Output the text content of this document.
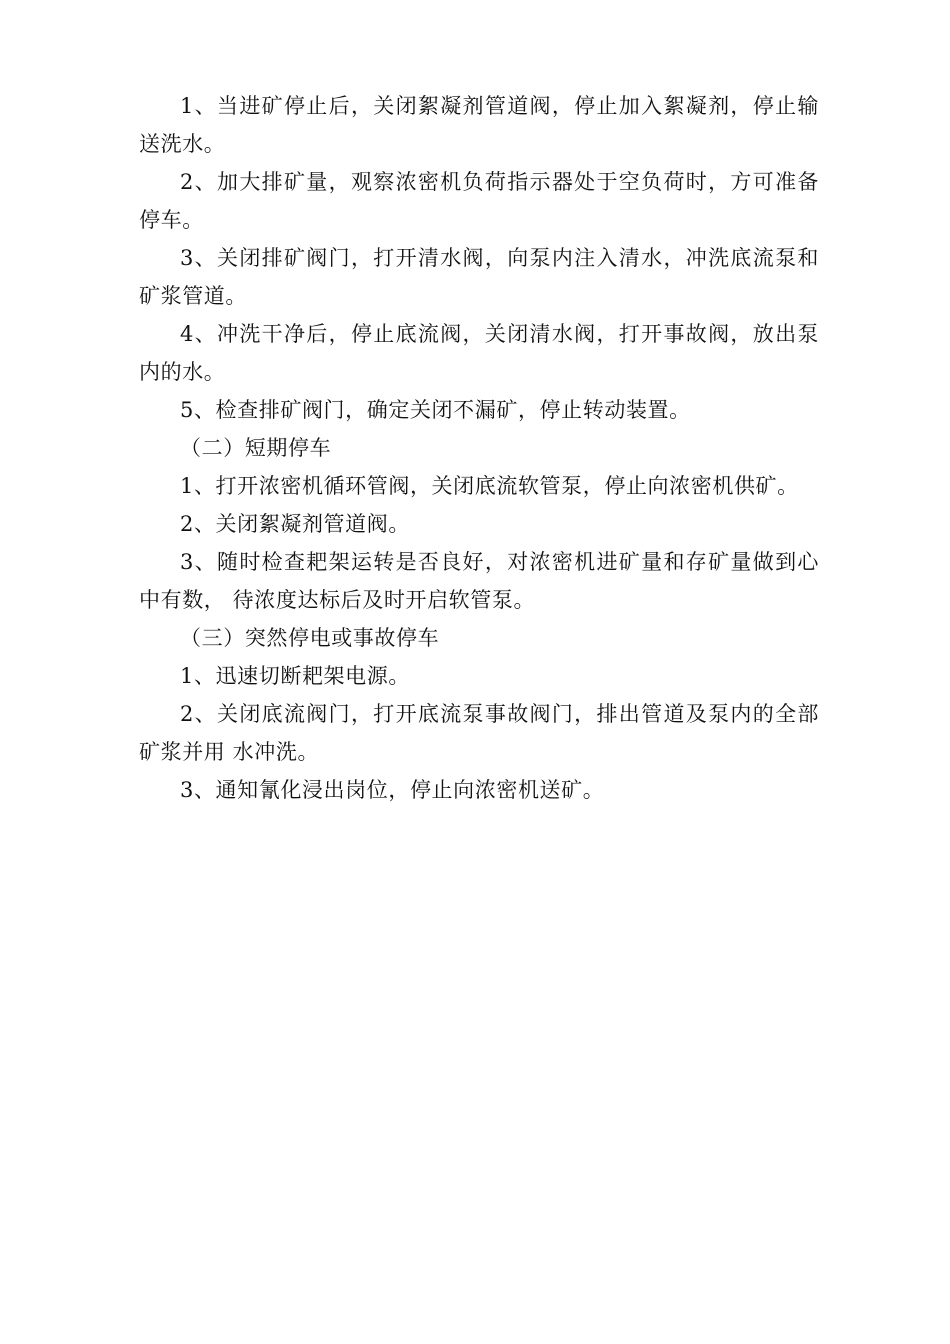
1、当进矿停止后，关闭絮凝剂管道阀，停止加入絮凝剂，停止输送洗水。

2、加大排矿量，观察浓密机负荷指示器处于空负荷时，方可准备停车。

3、关闭排矿阀门，打开清水阀，向泵内注入清水，冲洗底流泵和矿浆管道。

4、冲洗干净后，停止底流阀，关闭清水阀，打开事故阀，放出泵内的水。

5、检查排矿阀门，确定关闭不漏矿，停止转动装置。

（二）短期停车

1、打开浓密机循环管阀，关闭底流软管泵，停止向浓密机供矿。

2、关闭絮凝剂管道阀。

3、随时检查耙架运转是否良好，对浓密机进矿量和存矿量做到心中有数， 待浓度达标后及时开启软管泵。

（三）突然停电或事故停车

1、迅速切断耙架电源。

2、关闭底流阀门，打开底流泵事故阀门，排出管道及泵内的全部矿浆并用 水冲洗。

3、通知氰化浸出岗位，停止向浓密机送矿。
